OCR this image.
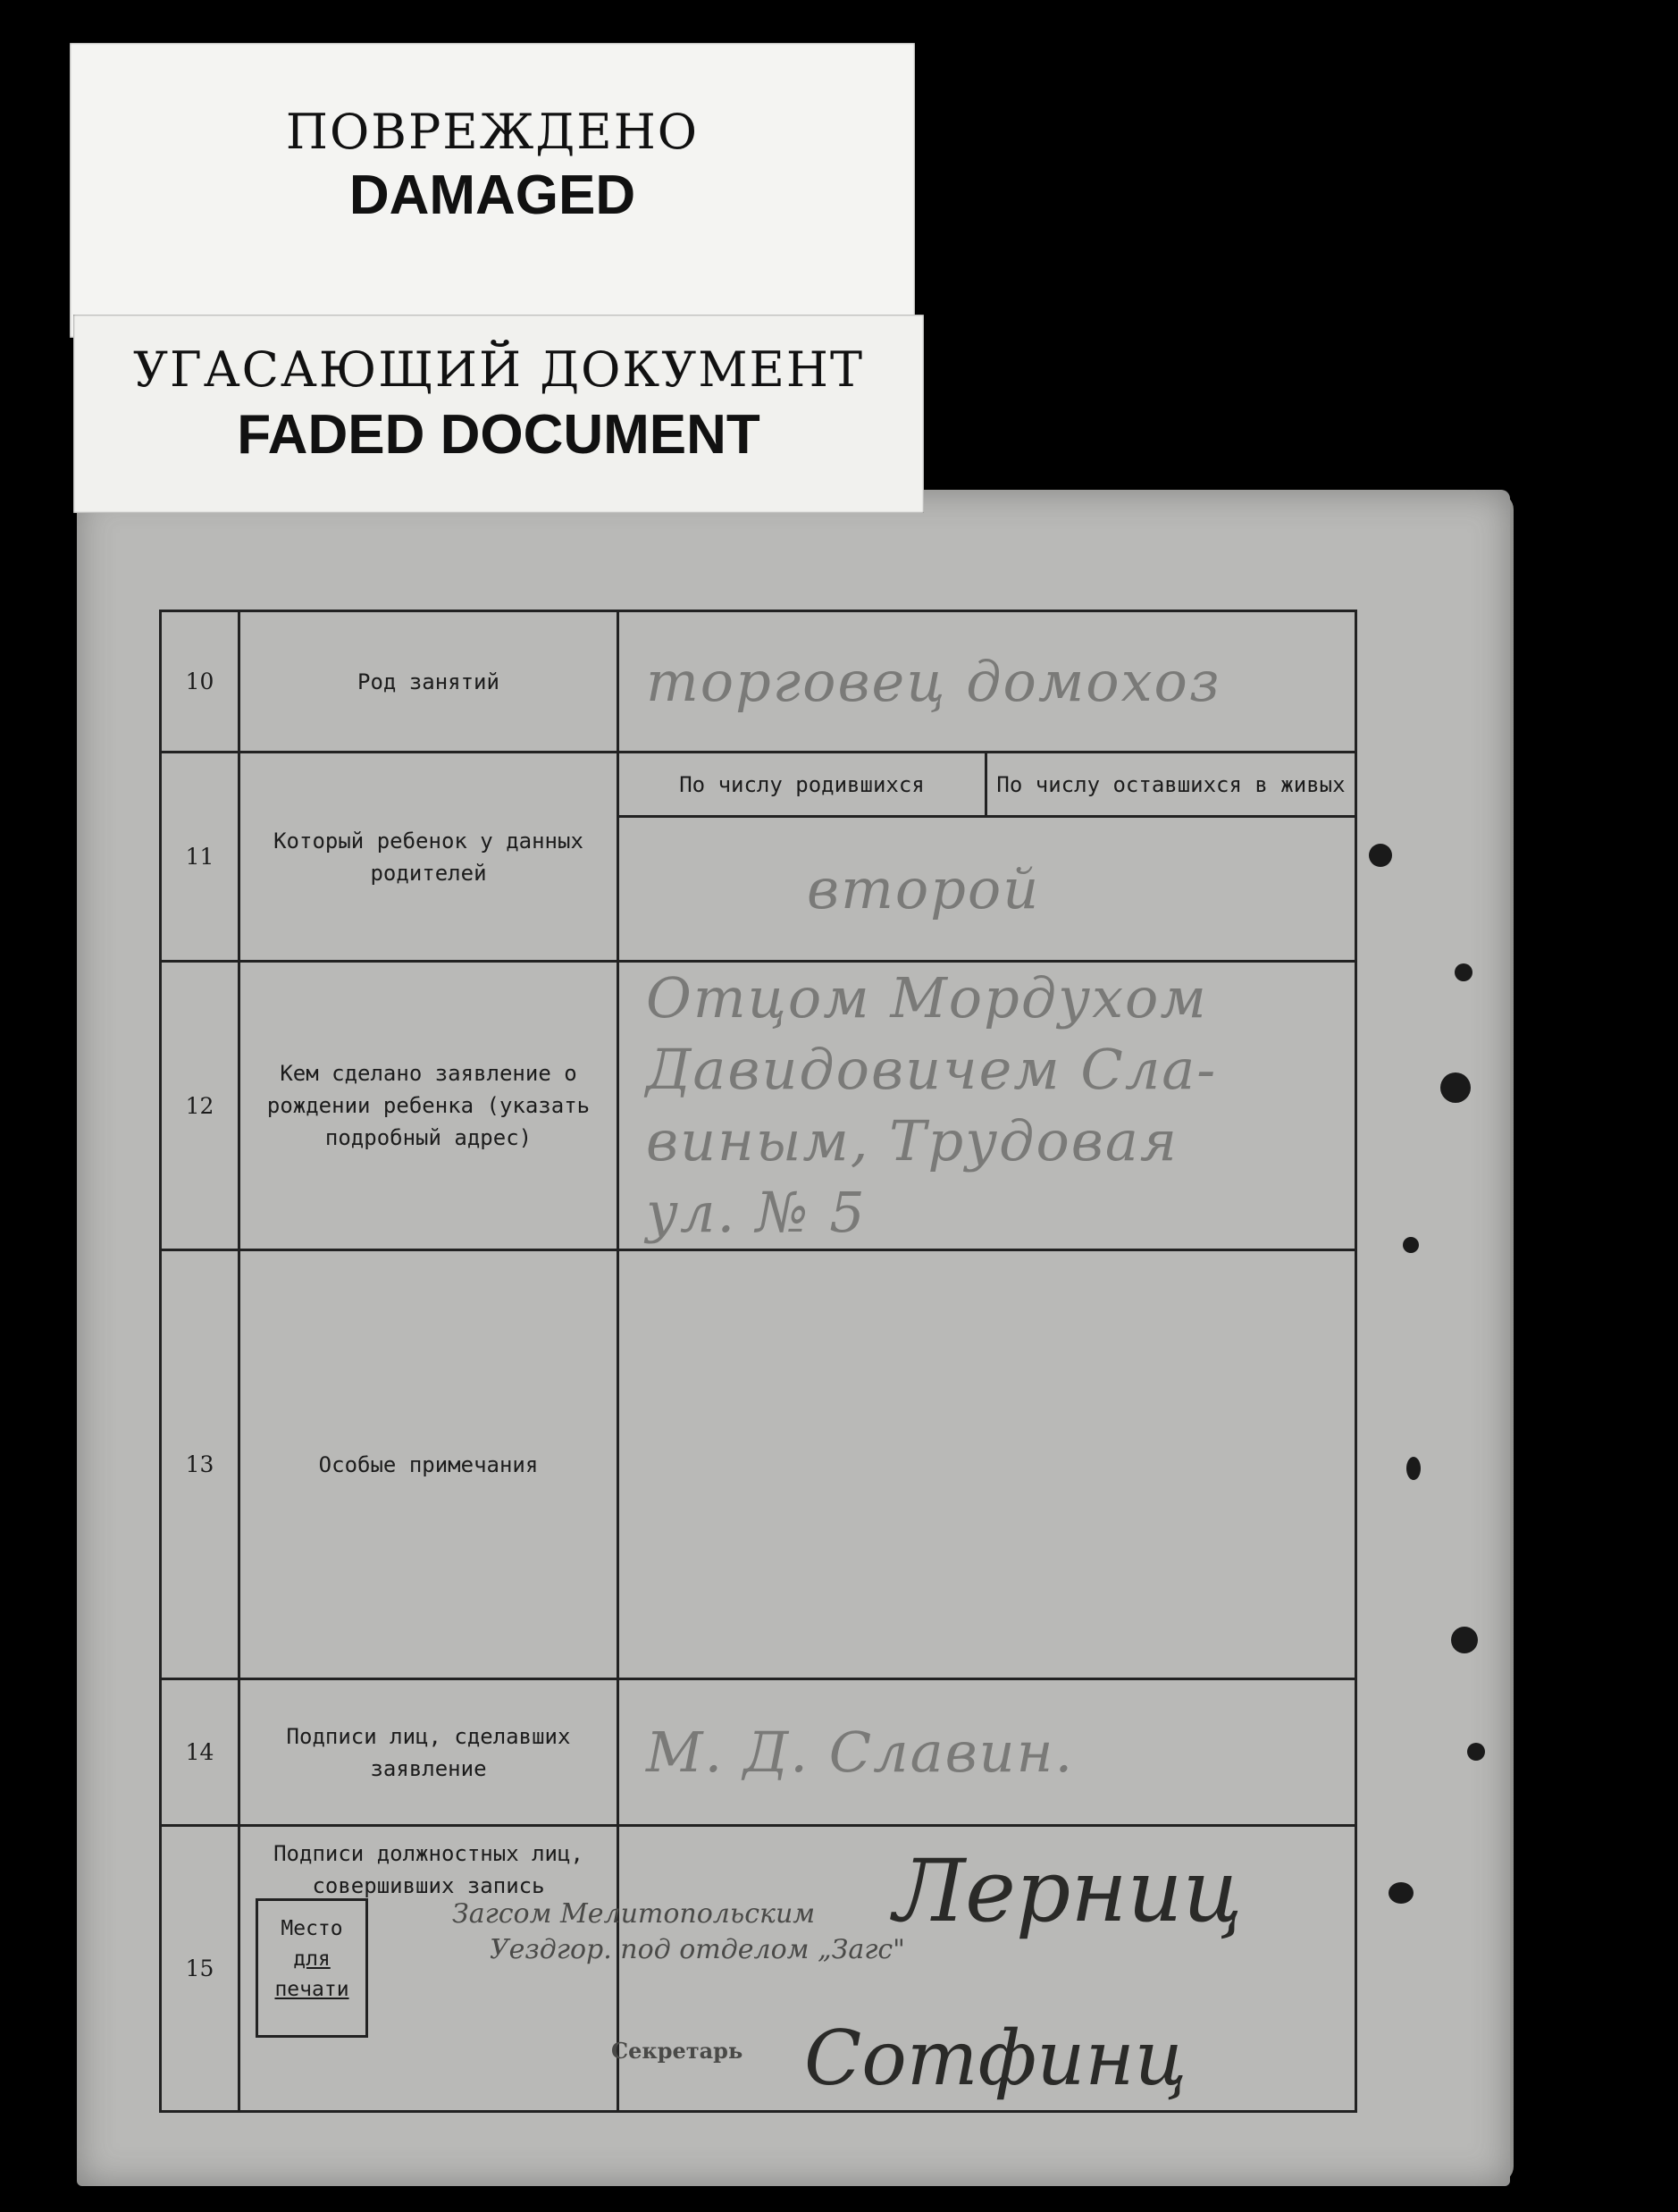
ПОВРЕЖДЕНО
DAMAGED
УГАСАЮЩИЙ ДОКУМЕНТ
FADED DOCUMENT
10	Род занятий	торговец домохоз	

11	Который ребенок у данных родителей	По числу родившихся	По числу оставшихся в живых

		второй	

12	Кем сделано заявление о рождении ребенка (указать подробный адрес)	Отцом Мордухом
Давидовичем Сла-
виным, Трудовая
ул. № 5	

13	Особые примечания		
14	Подписи лиц, сделавших заявление	М. Д. Славин.	

15	Подписи должностных лиц, совершивших запись		
Место
для
печати
Загсом Мелитопольским
Уездгор. под отделом „Загс"
Секретарь
Лерниц
Сотфинц
